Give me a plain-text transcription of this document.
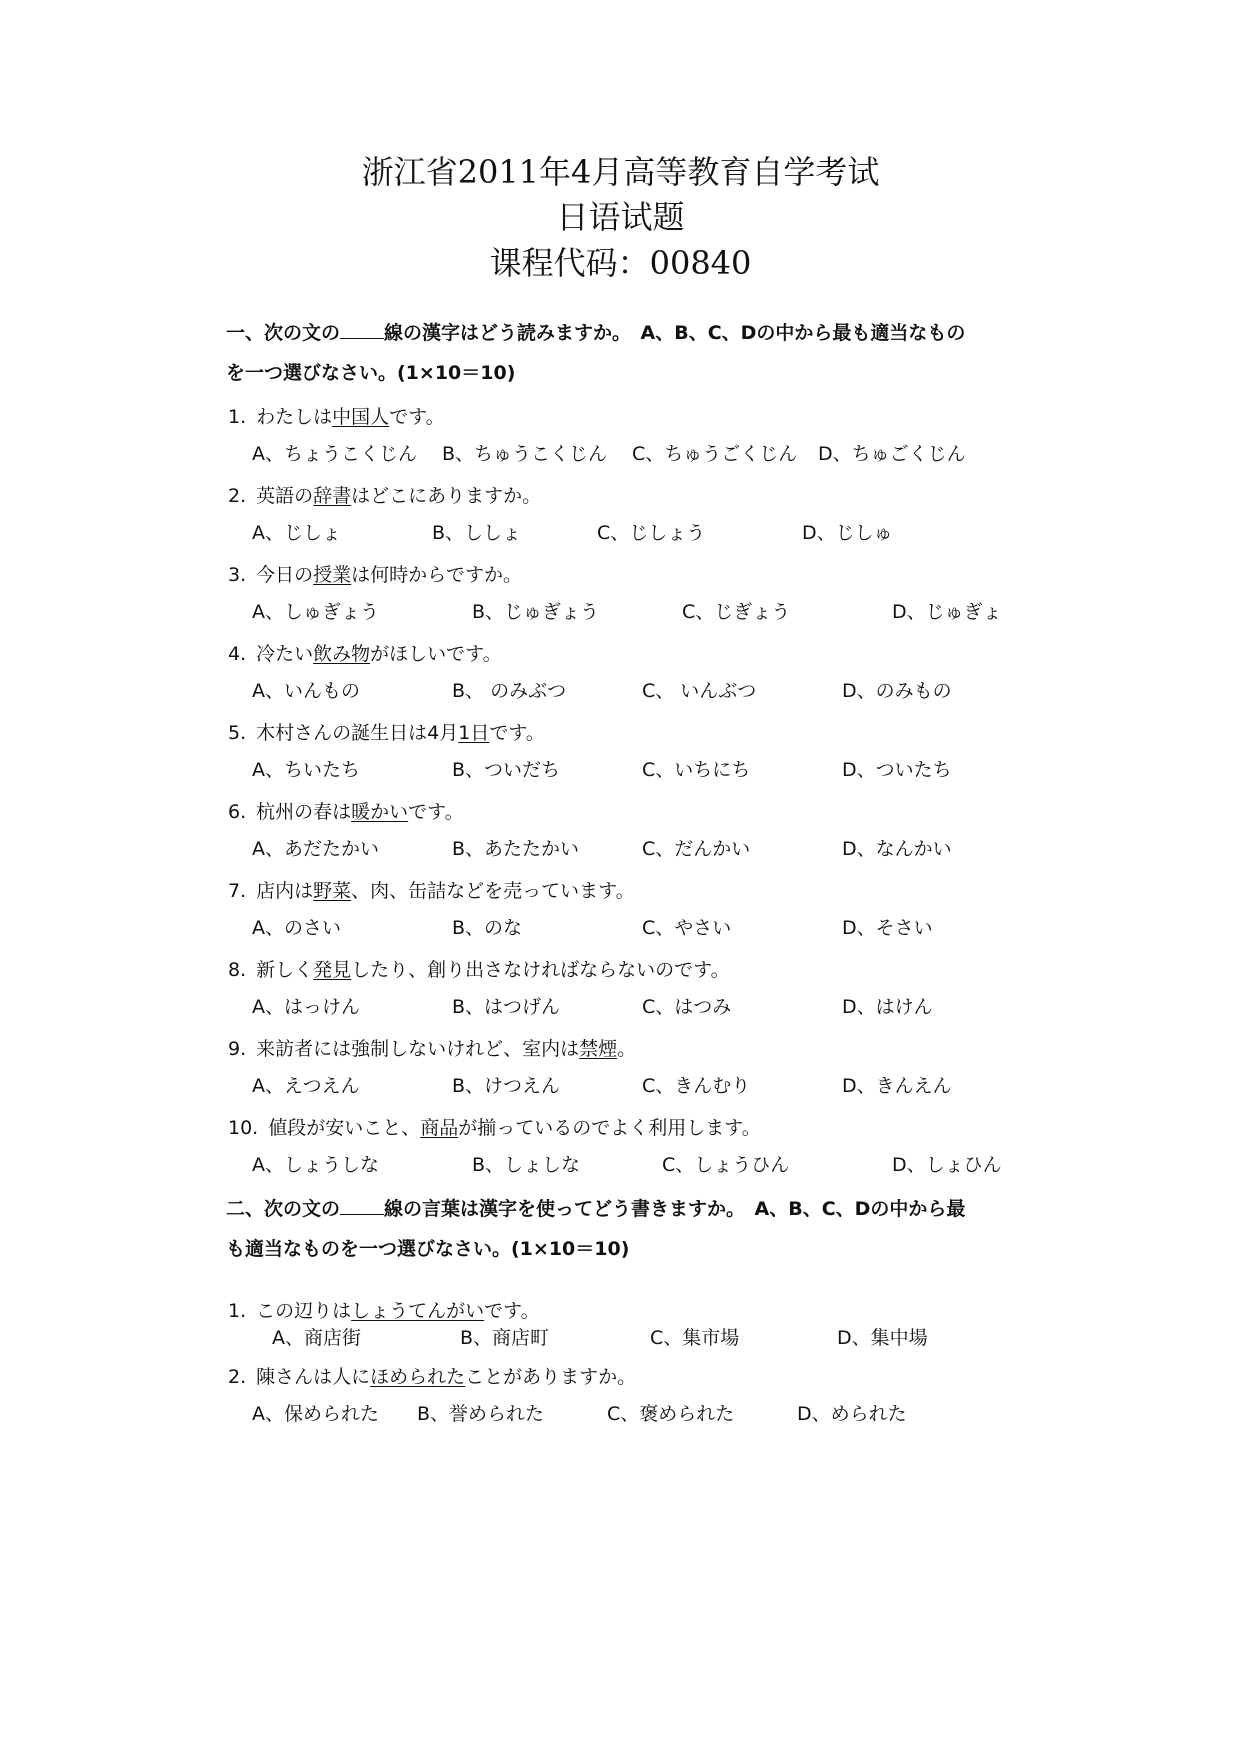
浙江省2011年4月高等教育自学考试
日语试题
课程代码：00840
一、次の文の 線の漢字はどう読みますか。　A、B、C、Dの中から最も適当なもの
を一つ選びなさい。(1×10＝10)
1. わたしは中国人です。
A、ちょうこくじん B、ちゅうこくじん C、ちゅうごくじん D、ちゅごくじん
2. 英語の辞書はどこにありますか。
A、じしょ	B、ししょ	C、じしょう	D、じしゅ
3. 今日の授業は何時からですか。
A、しゅぎょう	B、じゅぎょう	C、じぎょう	D、じゅぎょ
4. 冷たい飲み物がほしいです。
A、いんもの	B、 のみぶつ	C、 いんぶつ	D、のみもの
5. 木村さんの誕生日は4月1日です。
A、ちいたち	B、ついだち	C、いちにち	D、ついたち
6. 杭州の春は暖かいです。
A、あだたかい	B、あたたかい	C、だんかい	D、なんかい
7. 店内は野菜、肉、缶詰などを売っています。
A、のさい	B、のな	C、やさい	D、そさい
8. 新しく発見したり、創り出さなければならないのです。
A、はっけん	B、はつげん	C、はつみ	D、はけん
9. 来訪者には強制しないけれど、室内は禁煙。
A、えつえん	B、けつえん	C、きんむり	D、きんえん
10. 値段が安いこと、商品が揃っているのでよく利用します。
A、しょうしな	B、しょしな	C、しょうひん	D、しょひん
二、次の文の 線の言葉は漢字を使ってどう書きますか。　A、B、C、Dの中から最
も適当なものを一つ選びなさい。(1×10＝10)
1. この辺りはしょうてんがいです。
A、商店街	B、商店町	C、集市場	D、集中場
2. 陳さんは人にほめられたことがありますか。
A、保められた B、誉められた	C、褒められた	D、められた
